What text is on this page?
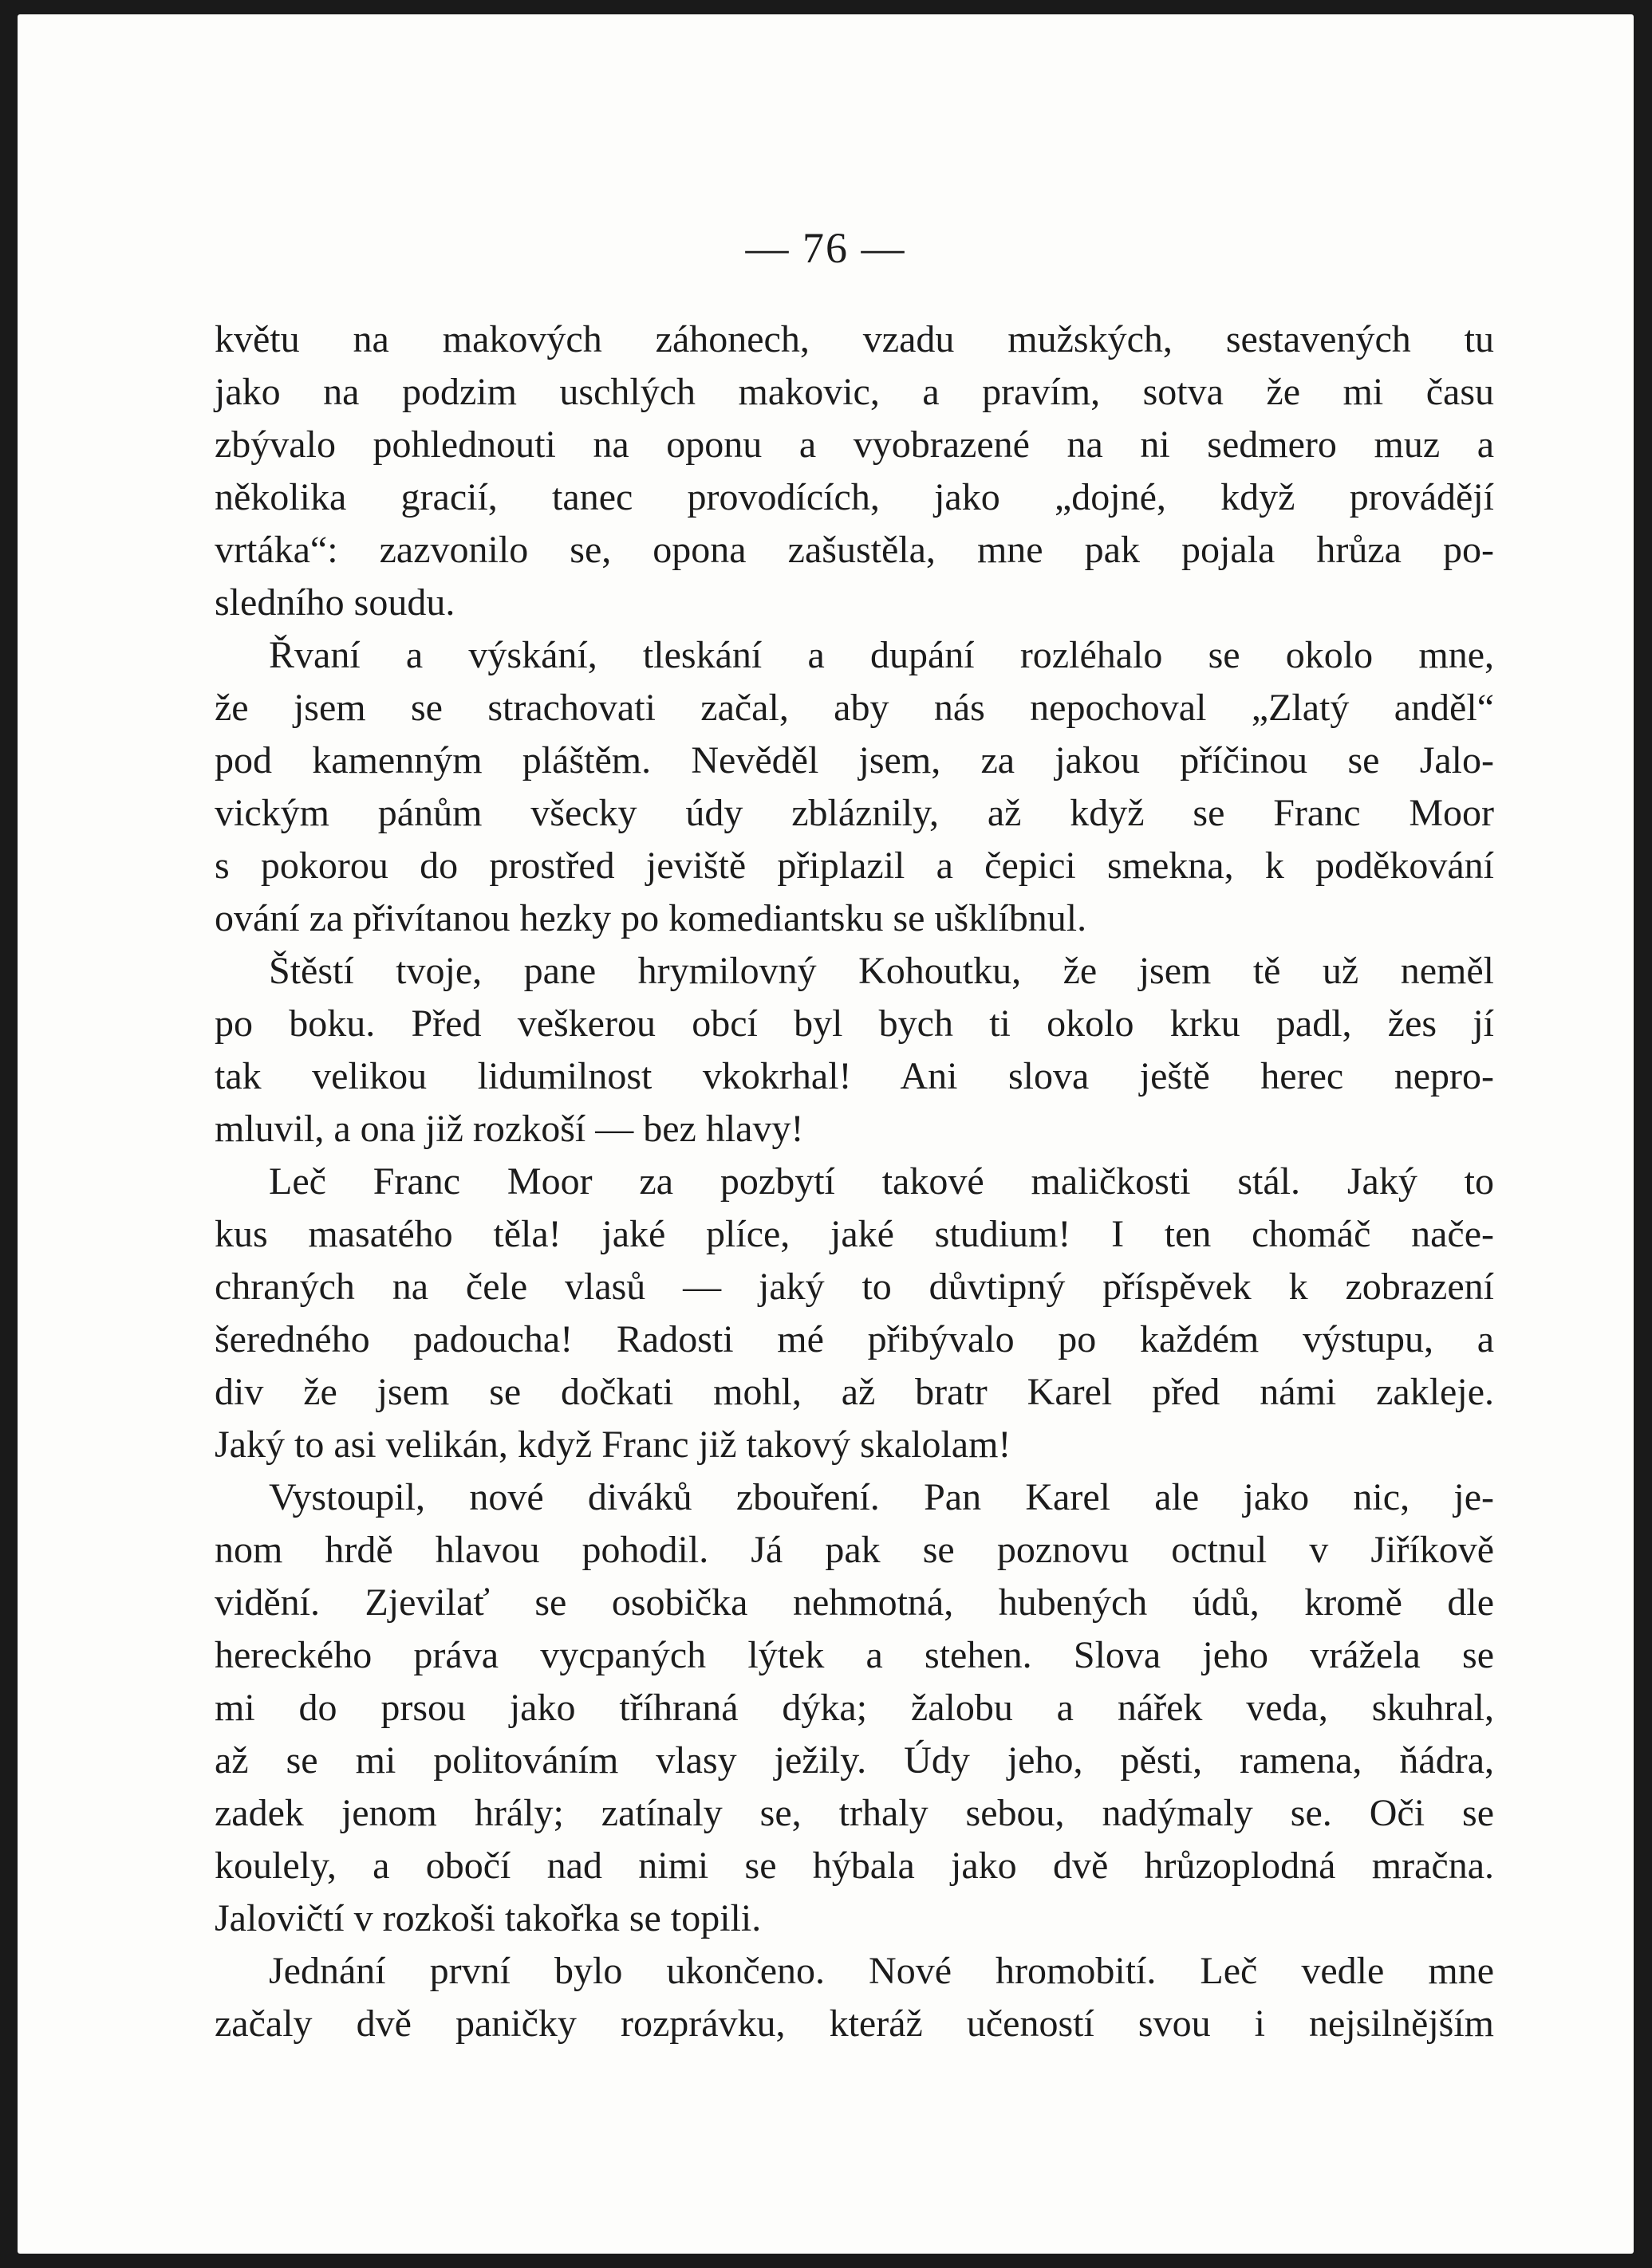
— 76 —
květu na makových záhonech, vzadu mužských, sestavených tu
jako na podzim uschlých makovic, a pravím, sotva že mi času
zbývalo pohlednouti na oponu a vyobrazené na ni sedmero muz a
několika gracií, tanec provodících, jako „dojné, když provádějí
vrtáka“: zazvonilo se, opona zašustěla, mne pak pojala hrůza po-
sledního soudu.
Řvaní a výskání, tleskání a dupání rozléhalo se okolo mne,
že jsem se strachovati začal, aby nás nepochoval „Zlatý anděl“
pod kamenným pláštěm. Nevěděl jsem, za jakou příčinou se Jalo-
vickým pánům všecky údy zbláznily, až když se Franc Moor
s pokorou do prostřed jeviště připlazil a čepici smekna, k poděkování
ování za přivítanou hezky po komediantsku se ušklíbnul.
Štěstí tvoje, pane hrymilovný Kohoutku, že jsem tě už neměl
po boku. Před veškerou obcí byl bych ti okolo krku padl, žes jí
tak velikou lidumilnost vkokrhal! Ani slova ještě herec nepro-
mluvil, a ona již rozkoší — bez hlavy!
Leč Franc Moor za pozbytí takové maličkosti stál. Jaký to
kus masatého těla! jaké plíce, jaké studium! I ten chomáč nače-
chraných na čele vlasů — jaký to důvtipný příspěvek k zobrazení
šeredného padoucha! Radosti mé přibývalo po každém výstupu, a
div že jsem se dočkati mohl, až bratr Karel před námi zakleje.
Jaký to asi velikán, když Franc již takový skalolam!
Vystoupil, nové diváků zbouření. Pan Karel ale jako nic, je-
nom hrdě hlavou pohodil. Já pak se poznovu octnul v Jiříkově
vidění. Zjevilať se osobička nehmotná, hubených údů, kromě dle
hereckého práva vycpaných lýtek a stehen. Slova jeho vrážela se
mi do prsou jako tříhraná dýka; žalobu a nářek veda, skuhral,
až se mi politováním vlasy ježily. Údy jeho, pěsti, ramena, ňádra,
zadek jenom hrály; zatínaly se, trhaly sebou, nadýmaly se. Oči se
koulely, a obočí nad nimi se hýbala jako dvě hrůzoplodná mračna.
Jalovičtí v rozkoši takořka se topili.
Jednání první bylo ukončeno. Nové hromobití. Leč vedle mne
začaly dvě paničky rozprávku, kteráž učeností svou i nejsilnějším
